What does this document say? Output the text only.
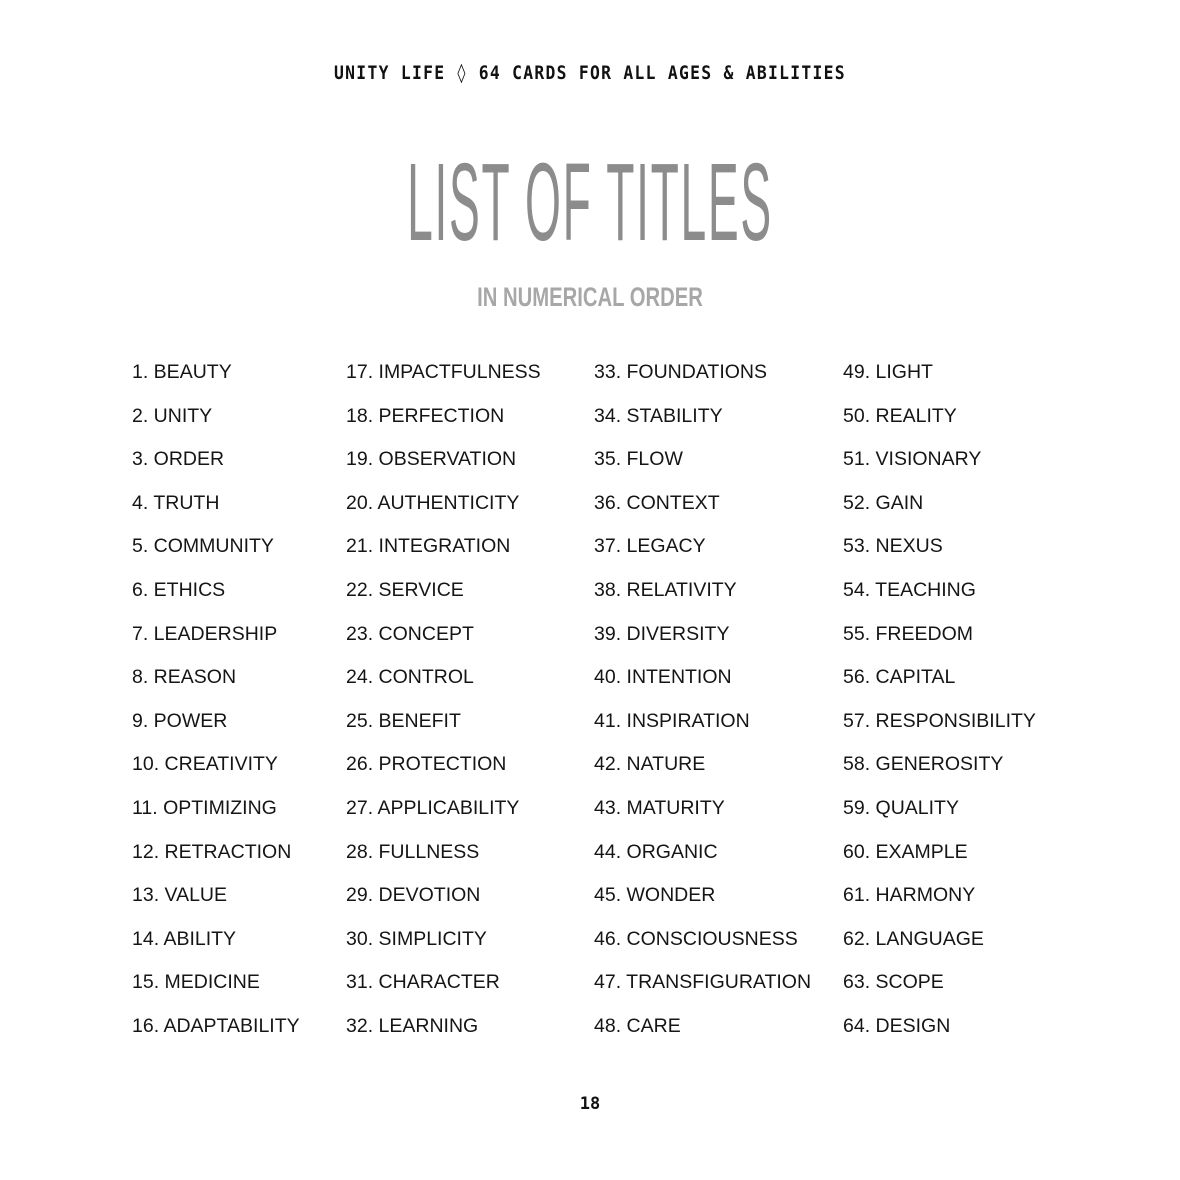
UNITY LIFE ◊ 64 CARDS FOR ALL AGES & ABILITIES
LIST OF TITLES
IN NUMERICAL ORDER
1. BEAUTY
2. UNITY
3. ORDER
4. TRUTH
5. COMMUNITY
6. ETHICS
7. LEADERSHIP
8. REASON
9. POWER
10. CREATIVITY
11. OPTIMIZING
12. RETRACTION
13. VALUE
14. ABILITY
15. MEDICINE
16. ADAPTABILITY
17. IMPACTFULNESS
18. PERFECTION
19. OBSERVATION
20. AUTHENTICITY
21. INTEGRATION
22. SERVICE
23. CONCEPT
24. CONTROL
25. BENEFIT
26. PROTECTION
27. APPLICABILITY
28. FULLNESS
29. DEVOTION
30. SIMPLICITY
31. CHARACTER
32. LEARNING
33. FOUNDATIONS
34. STABILITY
35. FLOW
36. CONTEXT
37. LEGACY
38. RELATIVITY
39. DIVERSITY
40. INTENTION
41. INSPIRATION
42. NATURE
43. MATURITY
44. ORGANIC
45. WONDER
46. CONSCIOUSNESS
47. TRANSFIGURATION
48. CARE
49. LIGHT
50. REALITY
51. VISIONARY
52. GAIN
53. NEXUS
54. TEACHING
55. FREEDOM
56. CAPITAL
57. RESPONSIBILITY
58. GENEROSITY
59. QUALITY
60. EXAMPLE
61. HARMONY
62. LANGUAGE
63. SCOPE
64. DESIGN
18
